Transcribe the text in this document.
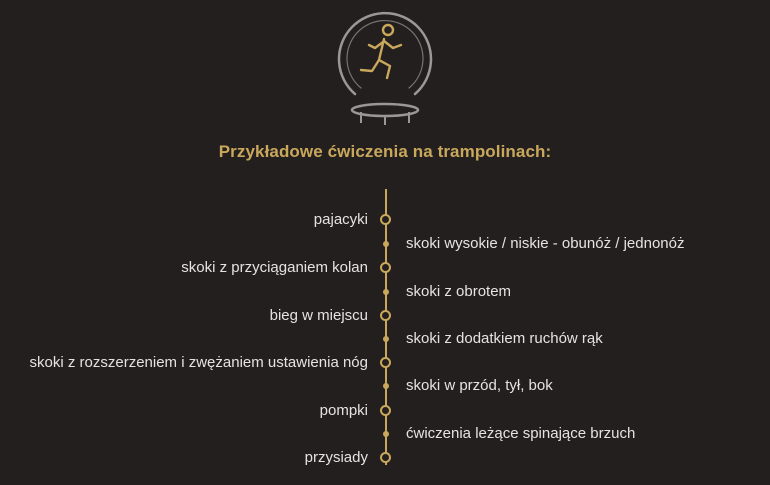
Przykładowe ćwiczenia na trampolinach:
pajacyki
skoki wysokie / niskie - obunóż / jednonóż
skoki z przyciąganiem kolan
skoki z obrotem
bieg w miejscu
skoki z dodatkiem ruchów rąk
skoki z rozszerzeniem i zwężaniem ustawienia nóg
skoki w przód, tył, bok
pompki
ćwiczenia leżące spinające brzuch
przysiady
